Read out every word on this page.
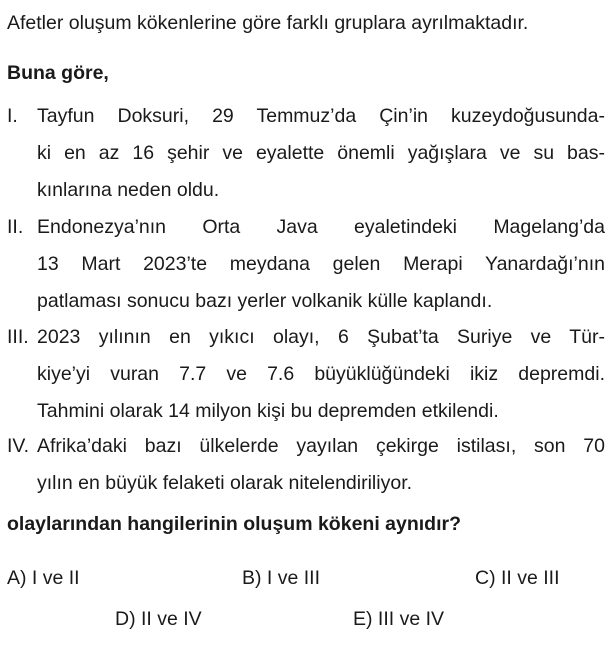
Afetler oluşum kökenlerine göre farklı gruplara ayrılmaktadır.
Buna göre,
I. Tayfun Doksuri, 29 Temmuz’da Çin’in kuzeydoğusunda-
ki en az 16 şehir ve eyalette önemli yağışlara ve su bas-
kınlarına neden oldu.
II. Endonezya’nın Orta Java eyaletindeki Magelang’da
13 Mart 2023’te meydana gelen Merapi Yanardağı’nın
patlaması sonucu bazı yerler volkanik külle kaplandı.
III. 2023 yılının en yıkıcı olayı, 6 Şubat’ta Suriye ve Tür-
kiye’yi vuran 7.7 ve 7.6 büyüklüğündeki ikiz depremdi.
Tahmini olarak 14 milyon kişi bu depremden etkilendi.
IV. Afrika’daki bazı ülkelerde yayılan çekirge istilası, son 70
yılın en büyük felaketi olarak nitelendiriliyor.
olaylarından hangilerinin oluşum kökeni aynıdır?
A) I ve II	B) I ve III	C) II ve III
D) II ve IV	E) III ve IV
